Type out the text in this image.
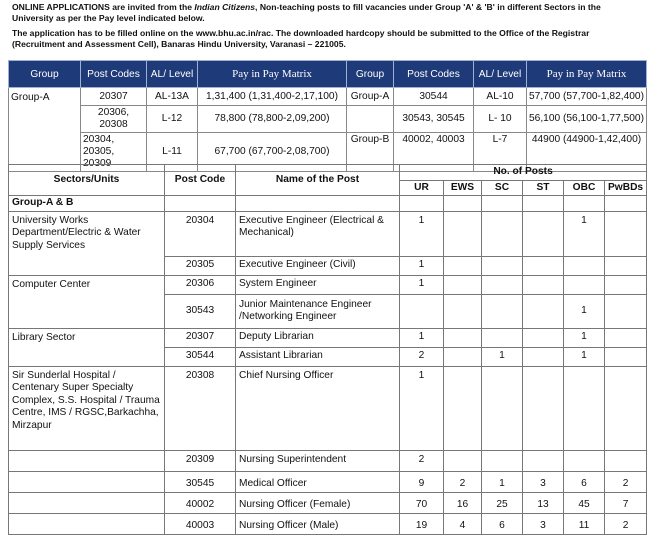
ONLINE APPLICATIONS are invited from the Indian Citizens, Non-teaching posts to fill vacancies under Group 'A' & 'B' in different Sectors in the University as per the Pay level indicated below.

The application has to be filled online on the www.bhu.ac.in/rac. The downloaded hardcopy should be submitted to the Office of the Registrar (Recruitment and Assessment Cell), Banaras Hindu University, Varanasi – 221005.

Group	Post Codes	AL/ Level	Pay in Pay Matrix	Group	Post Codes	AL/ Level	Pay in Pay Matrix
Group-A	20307	AL-13A	1,31,400 (1,31,400-2,17,100)	Group-A	30544	AL-10	57,700 (57,700-1,82,400)
	20306, 20308	L-12	78,800 (78,800-2,09,200)		30543, 30545	L- 10	56,100 (56,100-1,77,500)
	20304, 20305, 20309	L-11	67,700 (67,700-2,08,700)	Group-B	40002, 40003	L-7	44900 (44900-1,42,400)
Sectors/Units	Post Code	Name of the Post	No. of Posts					
			UR	EWS	SC	ST	OBC	PwBDs
Group-A & B								
University Works Department/Electric & Water Supply Services	20304	Executive Engineer (Electrical & Mechanical)	1				1	
	20305	Executive Engineer (Civil)	1					
Computer Center	20306	System Engineer	1					
	30543	Junior Maintenance Engineer /Networking Engineer					1	
Library Sector	20307	Deputy Librarian	1				1	
	30544	Assistant Librarian	2		1		1	
Sir Sunderlal Hospital / Centenary Super Specialty Complex, S.S. Hospital / Trauma Centre, IMS / RGSC,Barkachha, Mirzapur	20308	Chief Nursing Officer	1					
	20309	Nursing Superintendent	2					
	30545	Medical Officer	9	2	1	3	6	2
	40002	Nursing Officer (Female)	70	16	25	13	45	7
	40003	Nursing Officer (Male)	19	4	6	3	11	2
